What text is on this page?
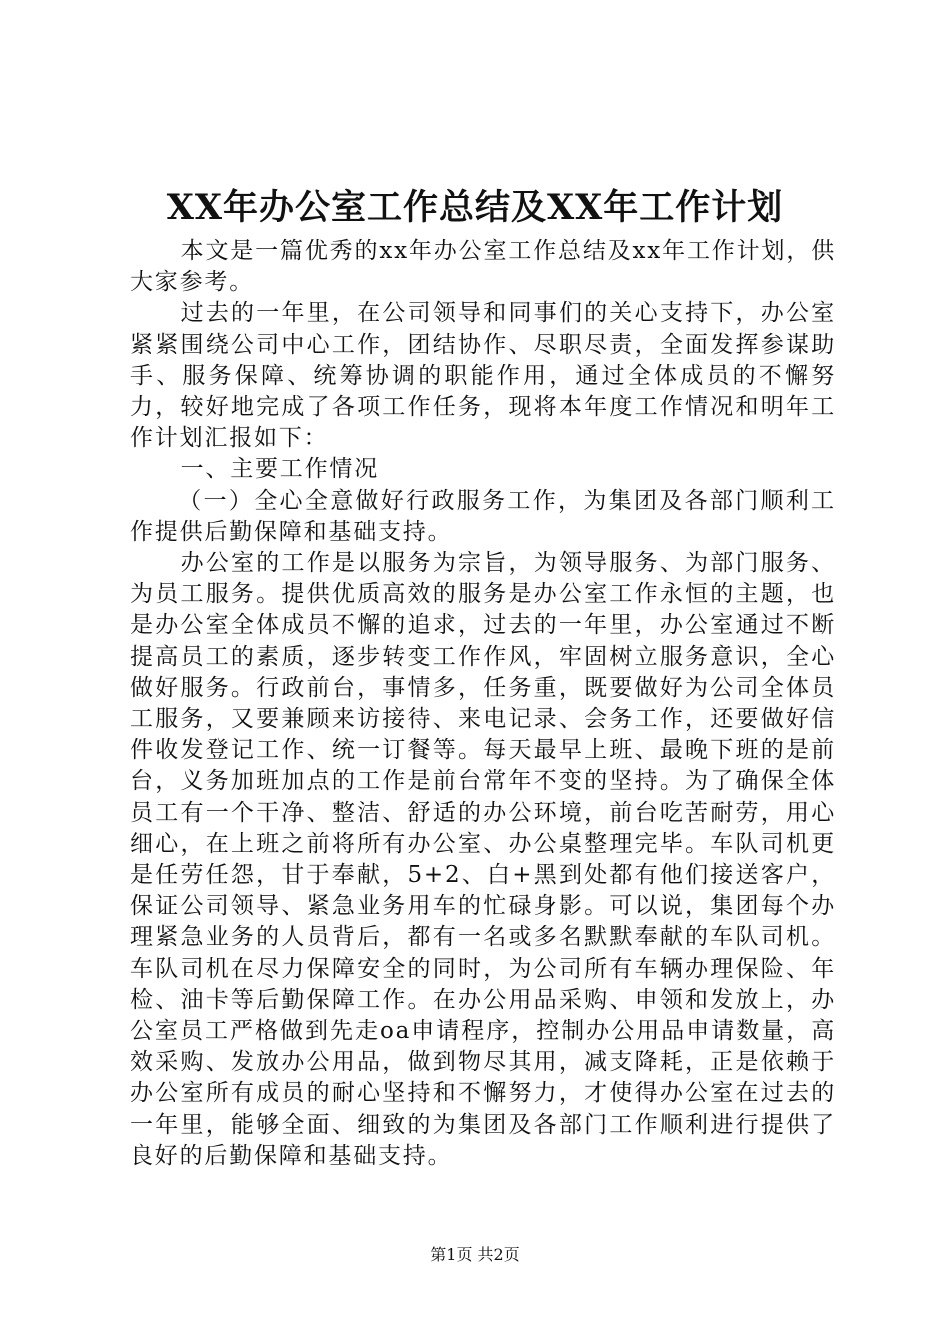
XX年办公室工作总结及XX年工作计划

本文是一篇优秀的xx年办公室工作总结及xx年工作计划，供大家参考。

过去的一年里，在公司领导和同事们的关心支持下，办公室紧紧围绕公司中心工作，团结协作、尽职尽责，全面发挥参谋助手、服务保障、统筹协调的职能作用，通过全体成员的不懈努力，较好地完成了各项工作任务，现将本年度工作情况和明年工作计划汇报如下：

一、主要工作情况

（一）全心全意做好行政服务工作，为集团及各部门顺利工作提供后勤保障和基础支持。

办公室的工作是以服务为宗旨，为领导服务、为部门服务、为员工服务。提供优质高效的服务是办公室工作永恒的主题，也是办公室全体成员不懈的追求，过去的一年里，办公室通过不断提高员工的素质，逐步转变工作作风，牢固树立服务意识，全心做好服务。行政前台，事情多，任务重，既要做好为公司全体员工服务，又要兼顾来访接待、来电记录、会务工作，还要做好信件收发登记工作、统一订餐等。每天最早上班、最晚下班的是前台，义务加班加点的工作是前台常年不变的坚持。为了确保全体员工有一个干净、整洁、舒适的办公环境，前台吃苦耐劳，用心细心，在上班之前将所有办公室、办公桌整理完毕。车队司机更是任劳任怨，甘于奉献，5+2、白+黑到处都有他们接送客户，保证公司领导、紧急业务用车的忙碌身影。可以说，集团每个办理紧急业务的人员背后，都有一名或多名默默奉献的车队司机。车队司机在尽力保障安全的同时，为公司所有车辆办理保险、年检、油卡等后勤保障工作。在办公用品采购、申领和发放上，办公室员工严格做到先走oa申请程序，控制办公用品申请数量，高效采购、发放办公用品，做到物尽其用，减支降耗，正是依赖于办公室所有成员的耐心坚持和不懈努力，才使得办公室在过去的一年里，能够全面、细致的为集团及各部门工作顺利进行提供了良好的后勤保障和基础支持。

第1页 共2页
